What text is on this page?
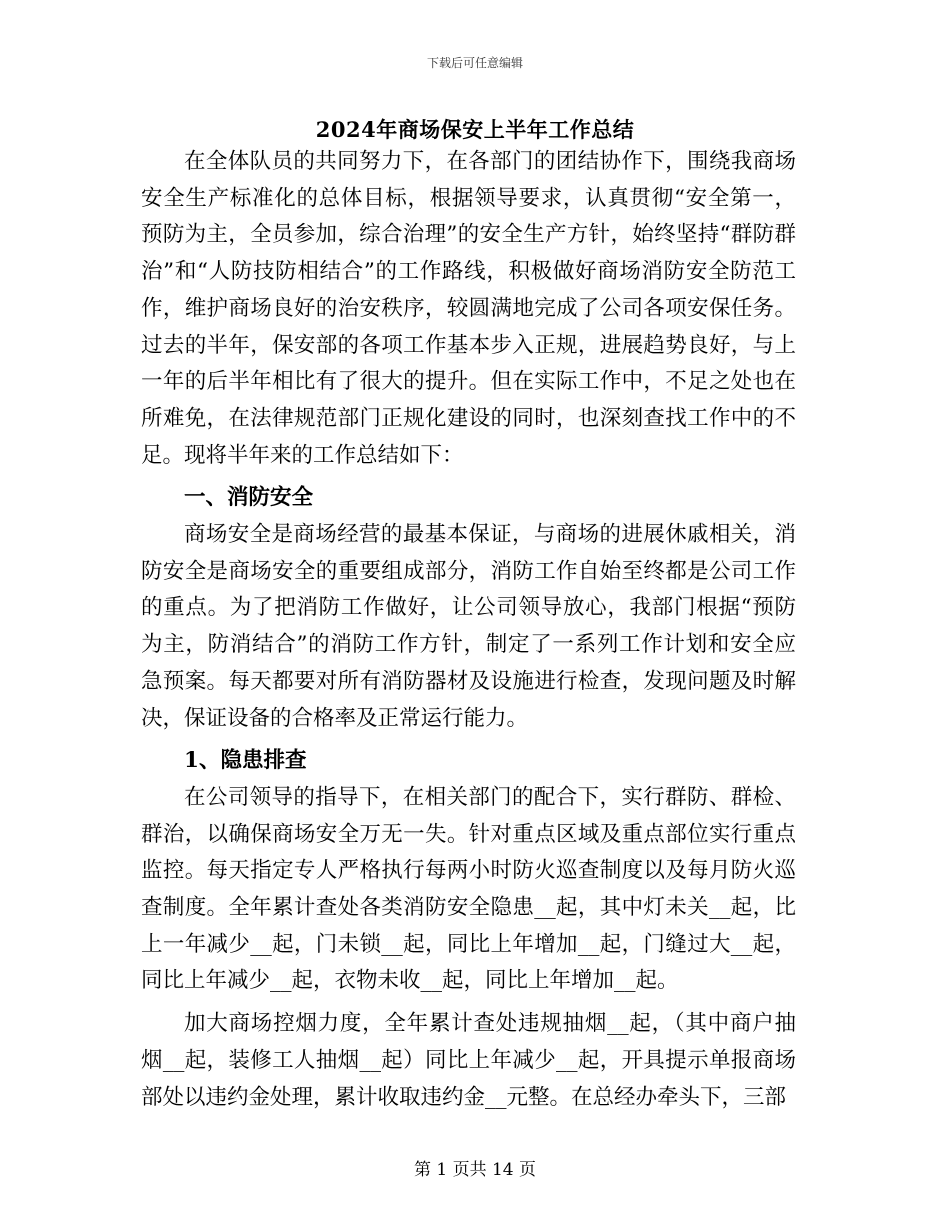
下载后可任意编辑
2024年商场保安上半年工作总结

在全体队员的共同努力下，在各部门的团结协作下，围绕我商场安全生产标准化的总体目标，根据领导要求，认真贯彻“安全第一，预防为主，全员参加，综合治理”的安全生产方针，始终坚持“群防群治”和“人防技防相结合”的工作路线，积极做好商场消防安全防范工作，维护商场良好的治安秩序，较圆满地完成了公司各项安保任务。过去的半年，保安部的各项工作基本步入正规，进展趋势良好，与上一年的后半年相比有了很大的提升。但在实际工作中，不足之处也在所难免，在法律规范部门正规化建设的同时，也深刻查找工作中的不足。现将半年来的工作总结如下：

一、消防安全

商场安全是商场经营的最基本保证，与商场的进展休戚相关，消防安全是商场安全的重要组成部分，消防工作自始至终都是公司工作的重点。为了把消防工作做好，让公司领导放心，我部门根据“预防为主，防消结合”的消防工作方针，制定了一系列工作计划和安全应急预案。每天都要对所有消防器材及设施进行检查，发现问题及时解决，保证设备的合格率及正常运行能力。

1、隐患排查

在公司领导的指导下，在相关部门的配合下，实行群防、群检、群治，以确保商场安全万无一失。针对重点区域及重点部位实行重点监控。每天指定专人严格执行每两小时防火巡查制度以及每月防火巡查制度。全年累计查处各类消防安全隐患__起，其中灯未关__起，比上一年减少__起，门未锁__起，同比上年增加__起，门缝过大__起，同比上年减少__起，衣物未收__起，同比上年增加__起。

加大商场控烟力度，全年累计查处违规抽烟__起，（其中商户抽烟__起，装修工人抽烟__起）同比上年减少__起，开具提示单报商场部处以违约金处理，累计收取违约金__元整。在总经办牵头下，三部

第 1 页共 14 页
